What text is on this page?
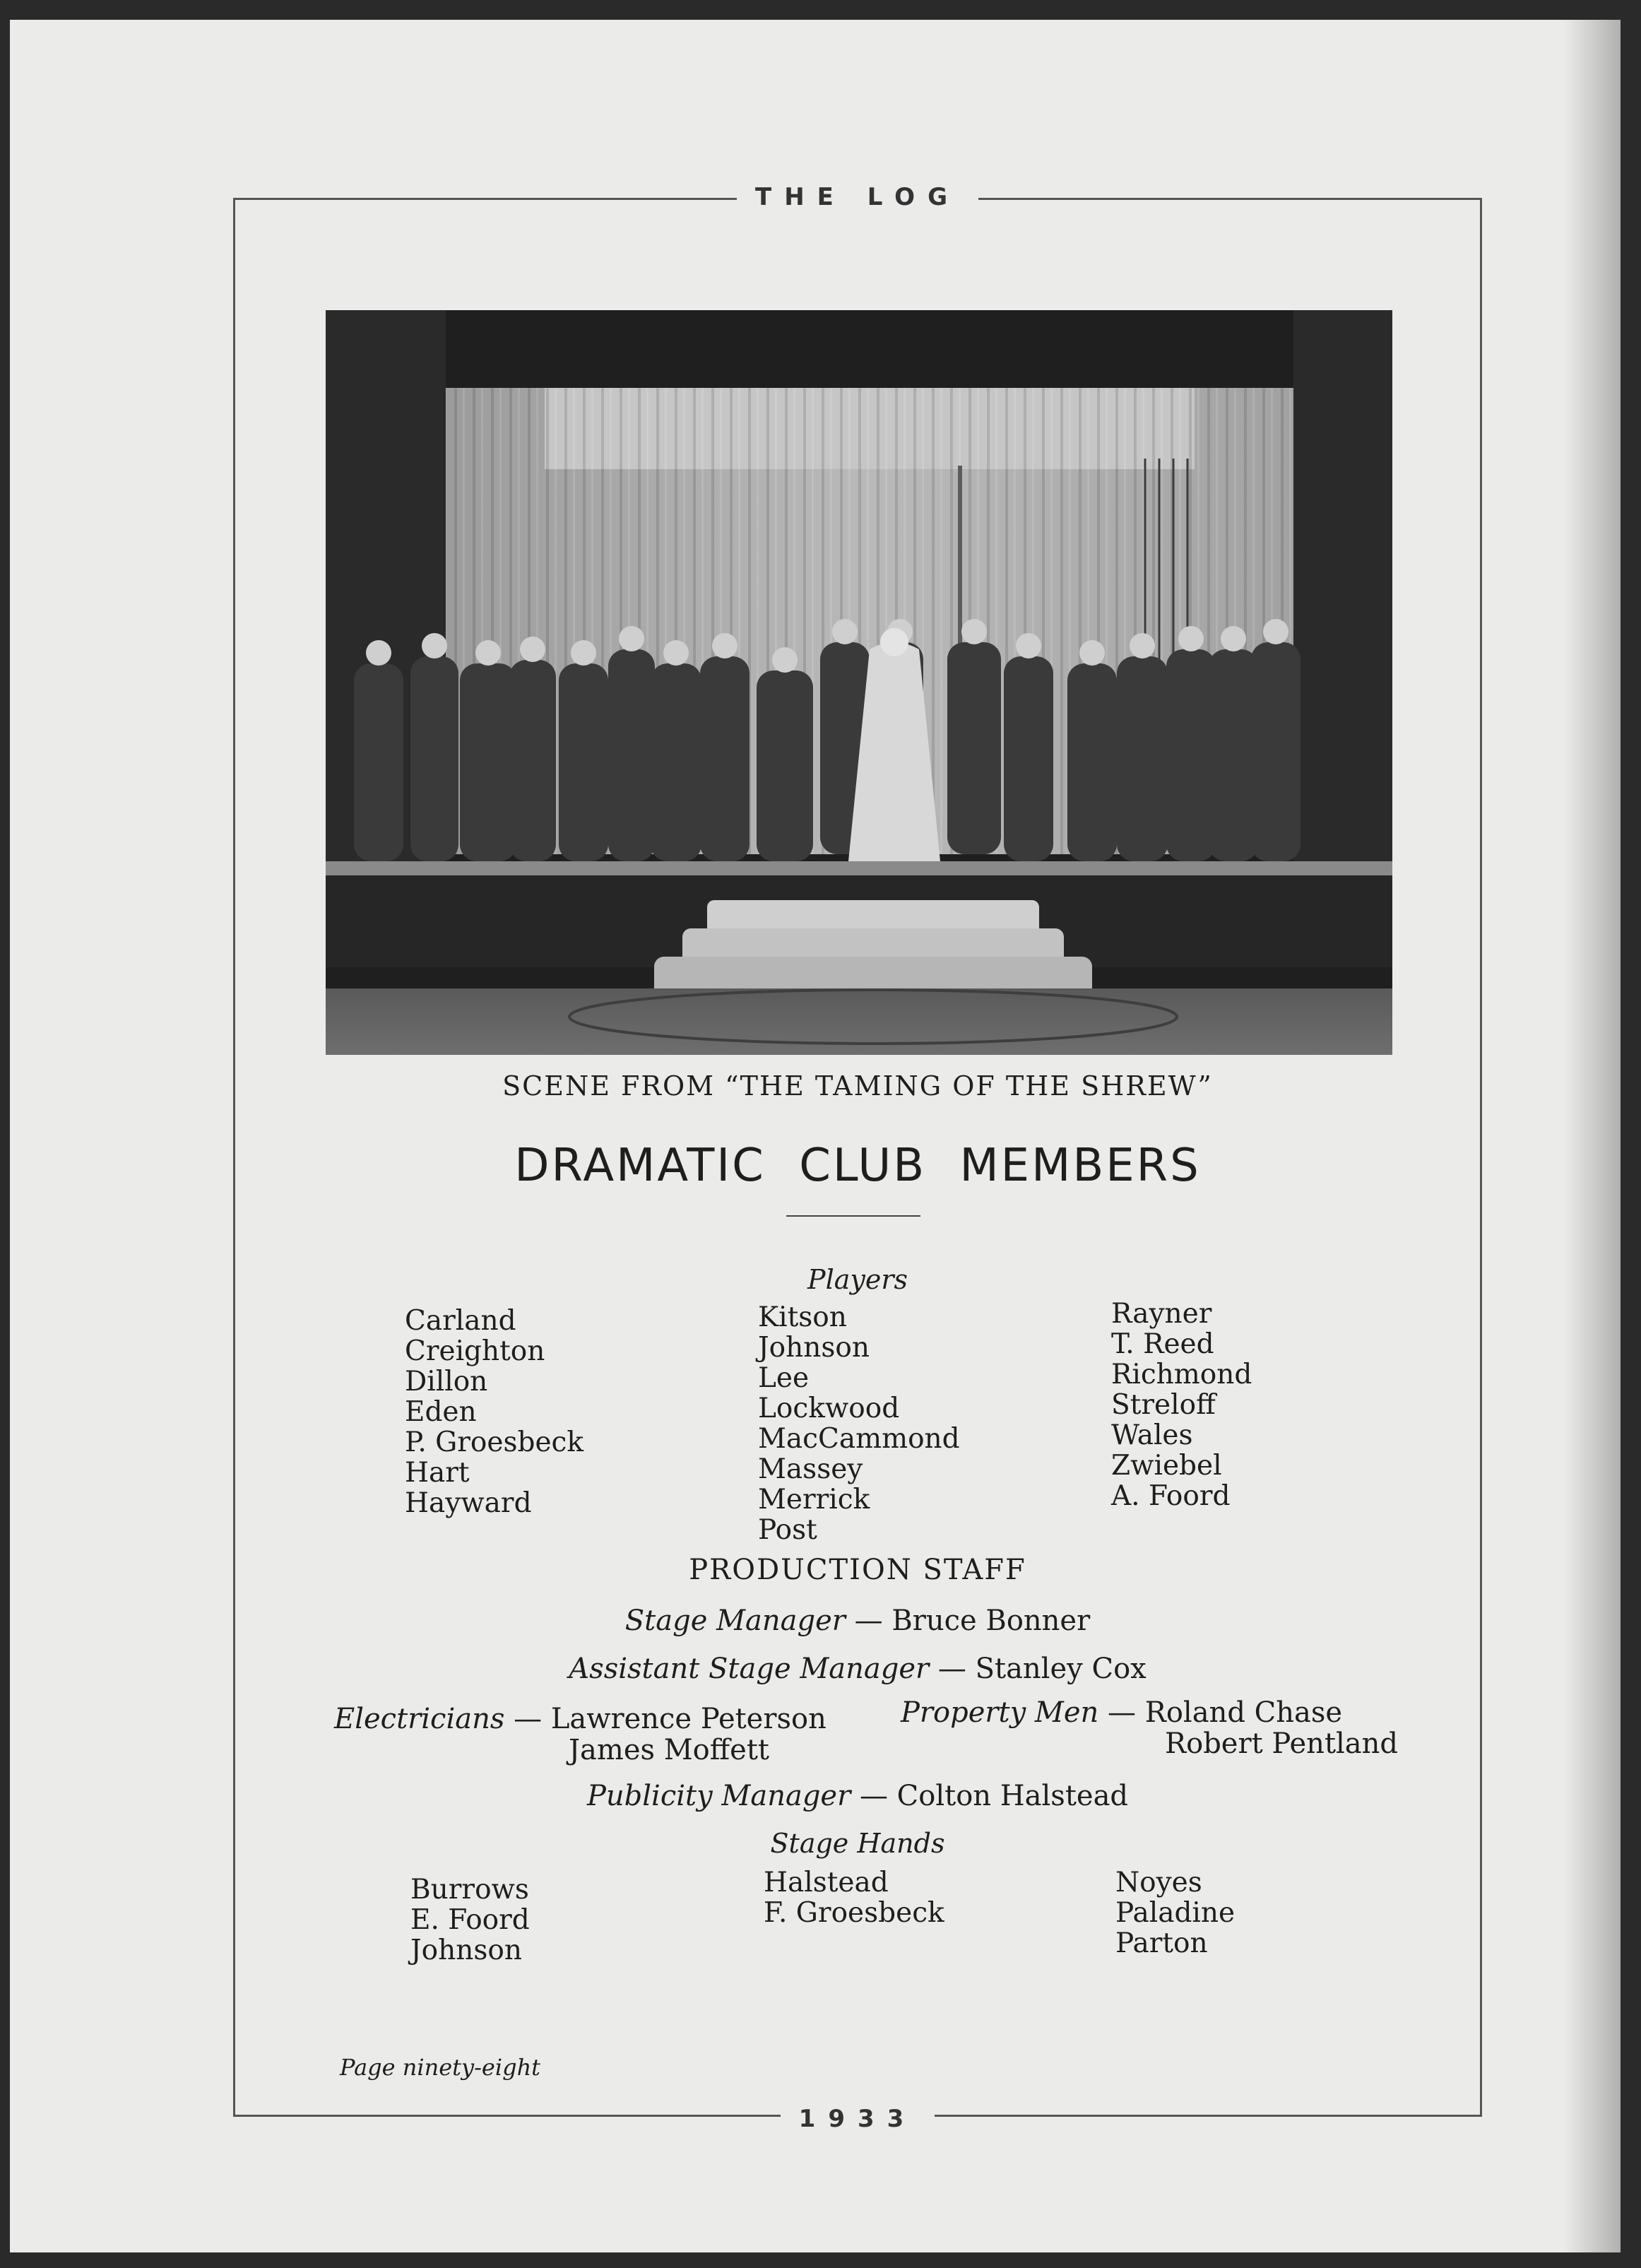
THE LOG
SCENE FROM “THE TAMING OF THE SHREW”
DRAMATIC CLUB MEMBERS
Players
Carland
Creighton
Dillon
Eden
P. Groesbeck
Hart
Hayward
Kitson
Johnson
Lee
Lockwood
MacCammond
Massey
Merrick
Post
Rayner
T. Reed
Richmond
Streloff
Wales
Zwiebel
A. Foord
PRODUCTION STAFF
Stage Manager — Bruce Bonner
Assistant Stage Manager — Stanley Cox
Electricians — Lawrence Peterson
James Moffett
Property Men — Roland Chase
Robert Pentland
Publicity Manager — Colton Halstead
Stage Hands
Burrows
E. Foord
Johnson
Halstead
F. Groesbeck
Noyes
Paladine
Parton
Page ninety-eight
1933
